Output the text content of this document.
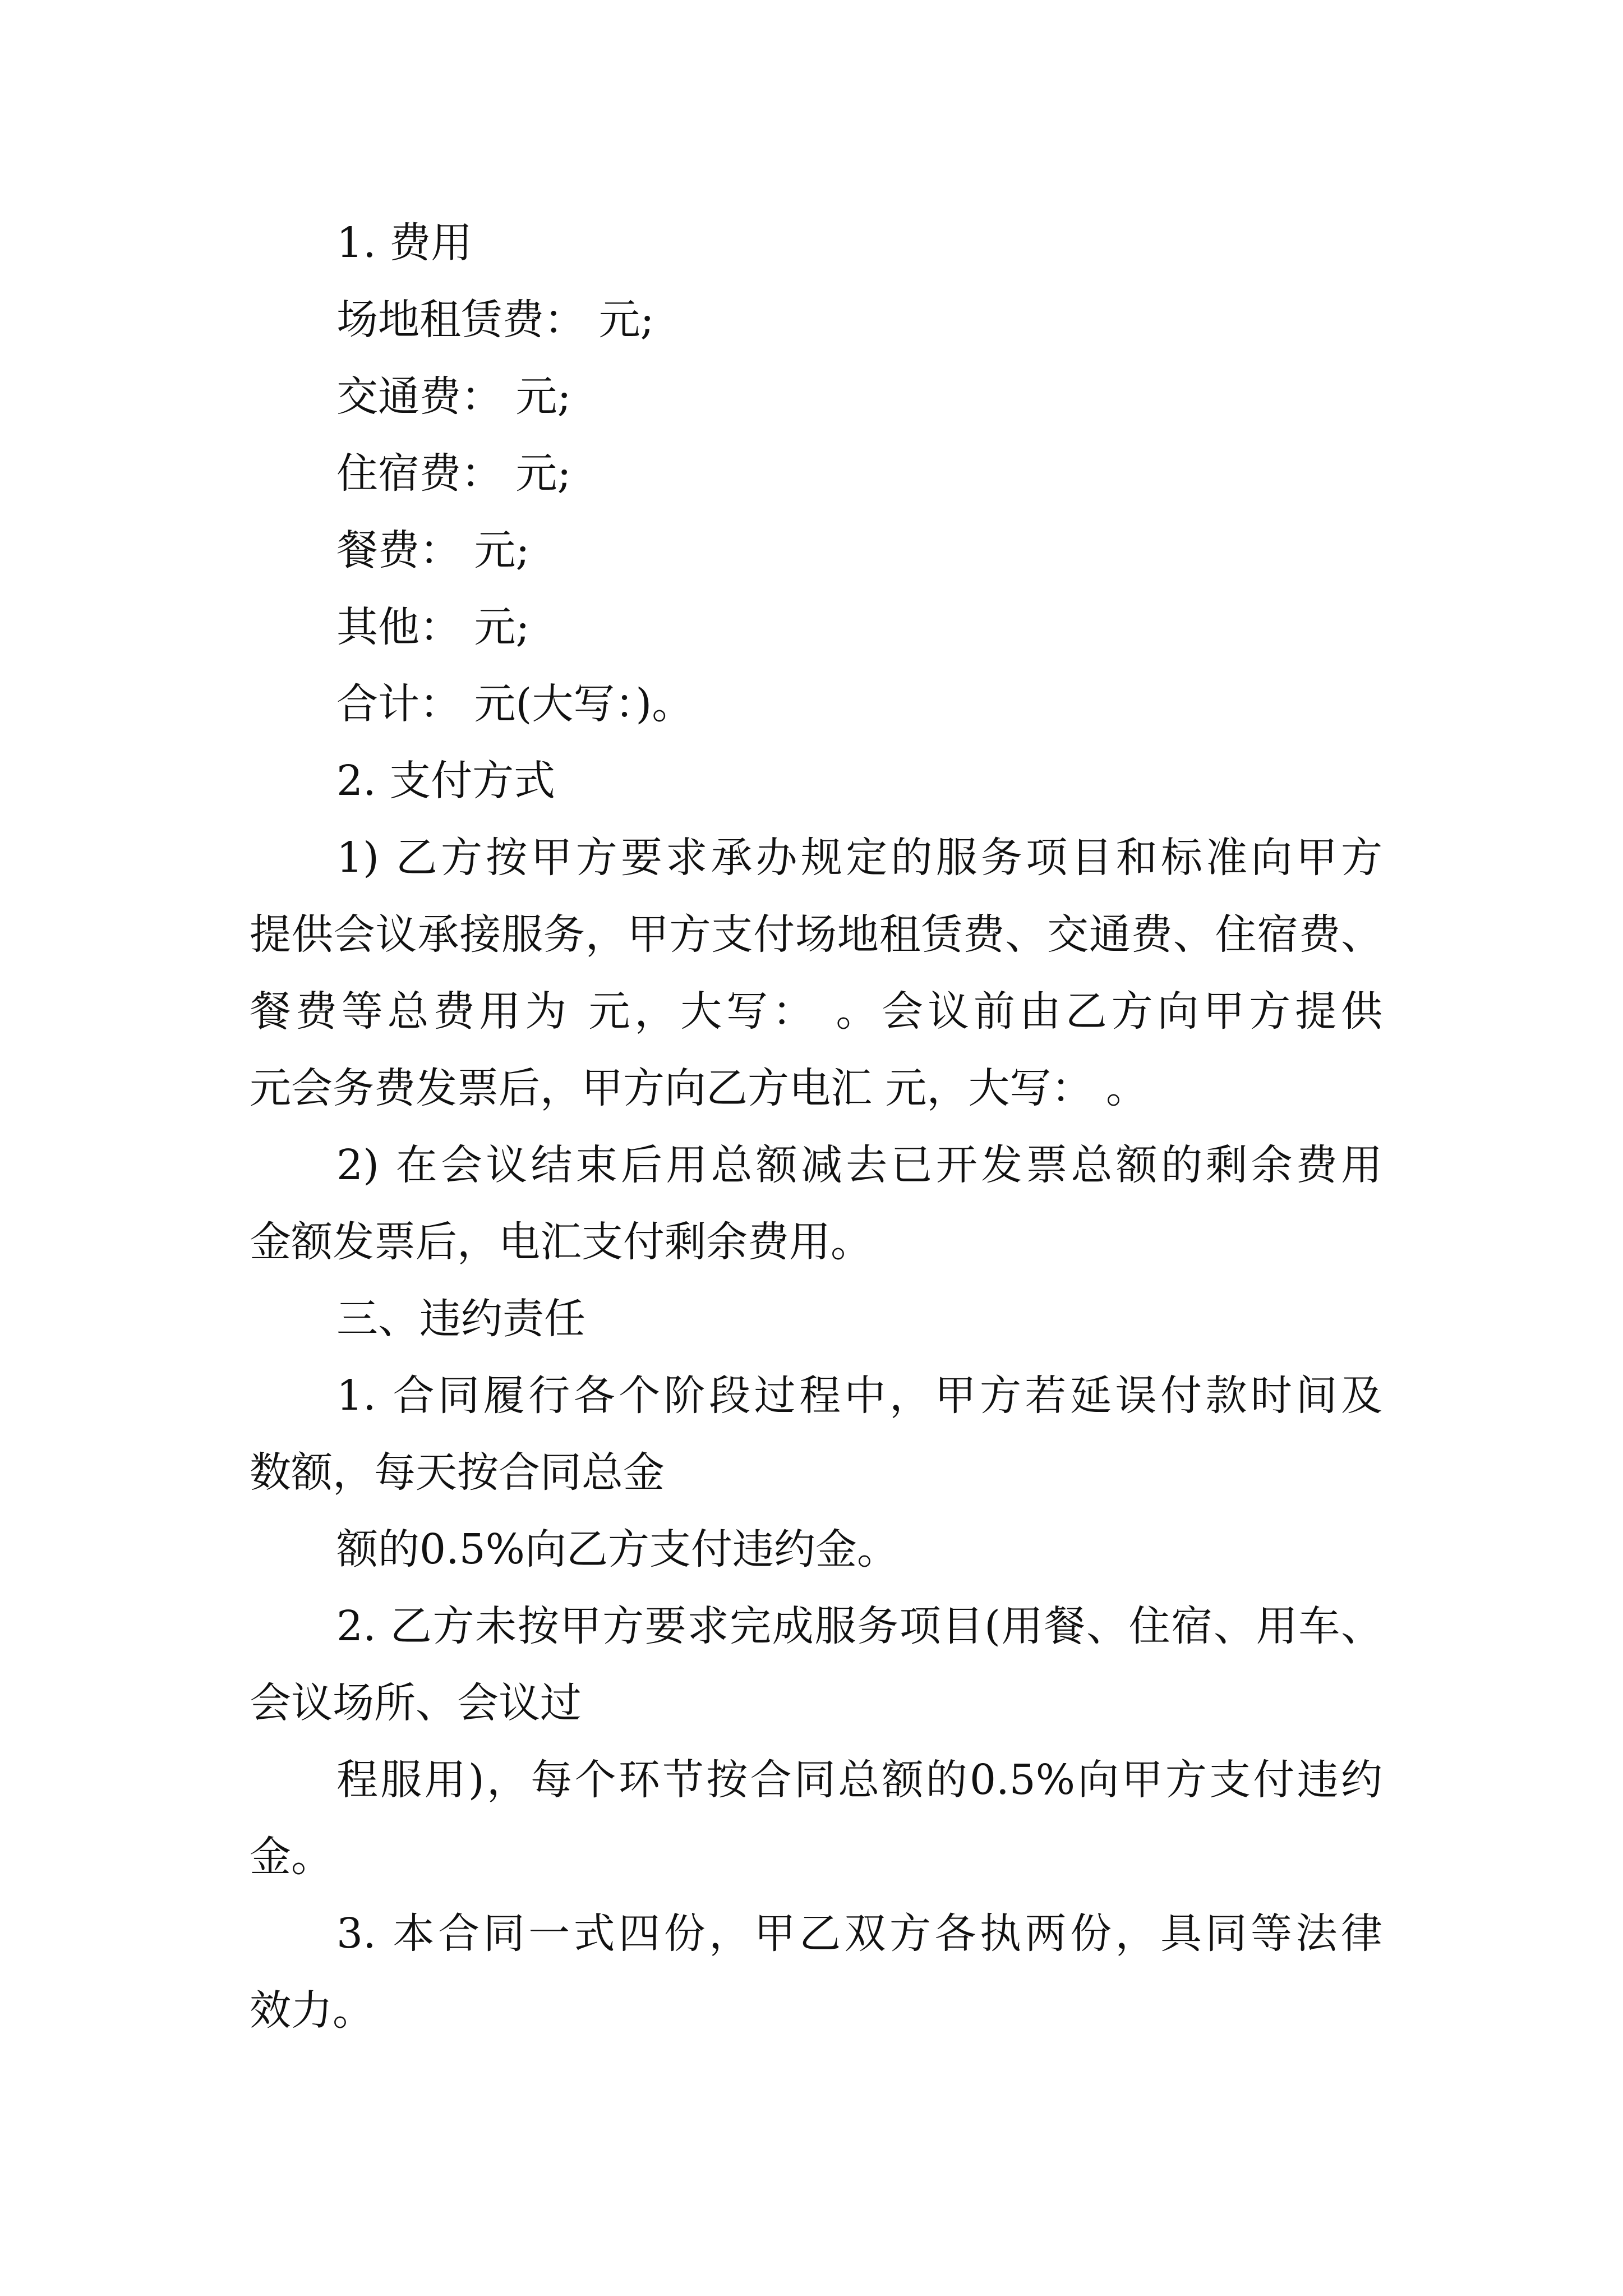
1. 费用
场地租赁费： 元;
交通费： 元;
住宿费： 元;
餐费： 元;
其他： 元;
合计： 元(大写：)。
2. 支付方式
1) 乙方按甲方要求承办规定的服务项目和标准向甲方
提供会议承接服务，甲方支付场地租赁费、交通费、住宿费、
餐费等总费用为 元，大写： 。会议前由乙方向甲方提供
元会务费发票后，甲方向乙方电汇 元，大写： 。
2) 在会议结束后用总额减去已开发票总额的剩余费用
金额发票后，电汇支付剩余费用。
三、违约责任
1. 合同履行各个阶段过程中，甲方若延误付款时间及
数额，每天按合同总金
额的0.5%向乙方支付违约金。
2. 乙方未按甲方要求完成服务项目(用餐、住宿、用车、
会议场所、会议过
程服用)，每个环节按合同总额的0.5%向甲方支付违约
金。
3. 本合同一式四份，甲乙双方各执两份，具同等法律
效力。
